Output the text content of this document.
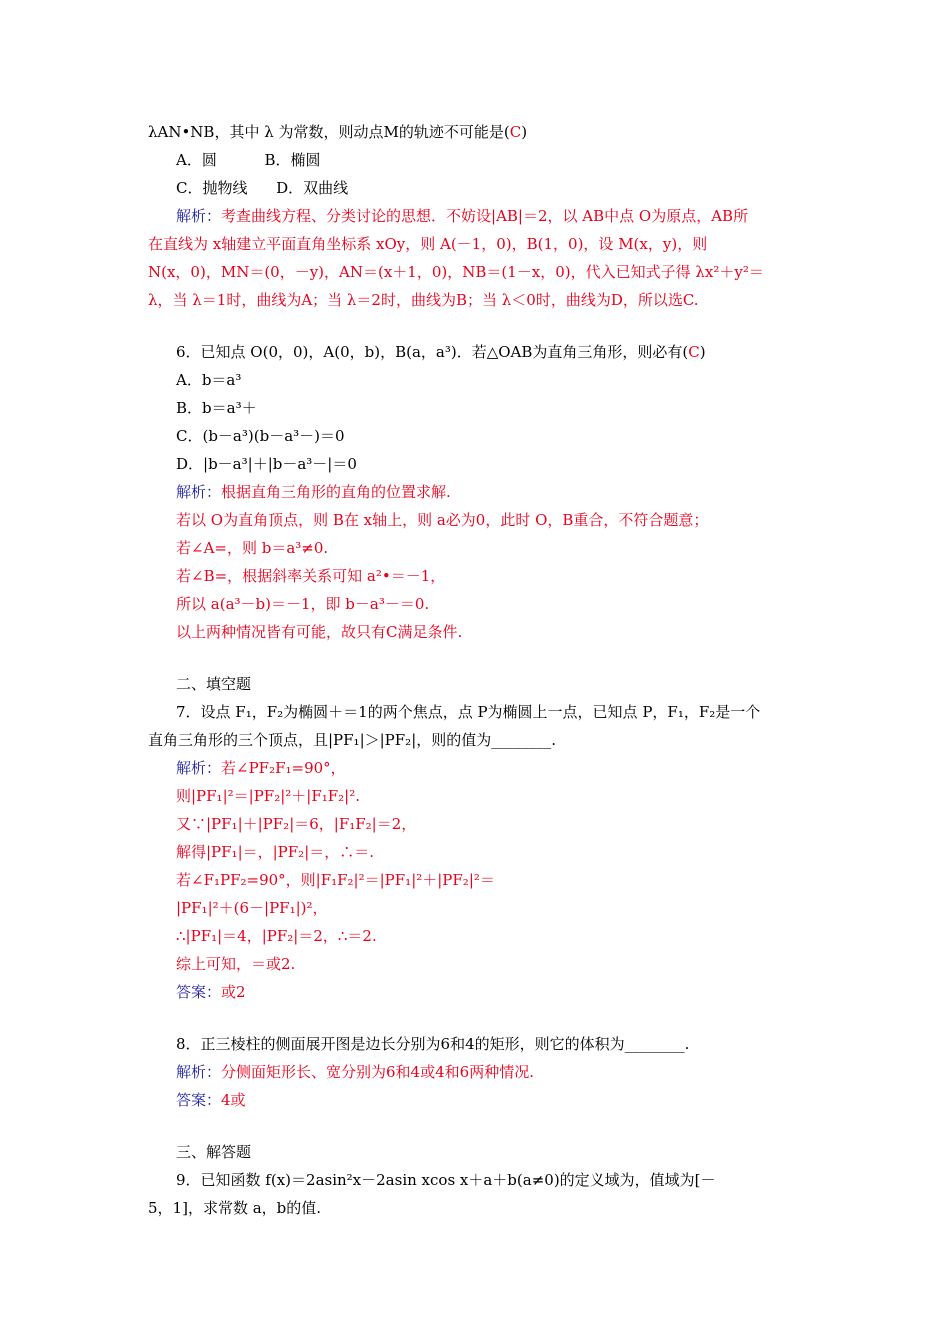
λAN•NB，其中 λ 为常数，则动点M的轨迹不可能是(C)
A．圆          B．椭圆
C．抛物线      D．双曲线
解析：考查曲线方程、分类讨论的思想．不妨设|AB|＝2，以 AB中点 O为原点，AB所
在直线为 x轴建立平面直角坐标系 xOy，则 A(－1，0)，B(1，0)，设 M(x，y)，则
N(x，0)，MN＝(0，－y)，AN＝(x＋1，0)，NB＝(1－x，0)，代入已知式子得 λx²＋y²＝
λ，当 λ＝1时，曲线为A；当 λ＝2时，曲线为B；当 λ＜0时，曲线为D，所以选C.
6．已知点 O(0，0)，A(0，b)，B(a，a³)．若△OAB为直角三角形，则必有(C)
A．b＝a³
B．b＝a³＋
C．(b－a³)(b－a³－)＝0
D．|b－a³|＋|b－a³－|＝0
解析：根据直角三角形的直角的位置求解.
若以 O为直角顶点，则 B在 x轴上，则 a必为0，此时 O，B重合，不符合题意；
若∠A=，则 b＝a³≠0.
若∠B=，根据斜率关系可知 a²•＝－1，
所以 a(a³－b)＝－1，即 b－a³－＝0.
以上两种情况皆有可能，故只有C满足条件.
二、填空题
7．设点 F₁，F₂为椭圆＋＝1的两个焦点，点 P为椭圆上一点，已知点 P，F₁，F₂是一个
直角三角形的三个顶点，且|PF₁|＞|PF₂|，则的值为________.
解析：若∠PF₂F₁=90°，
则|PF₁|²＝|PF₂|²＋|F₁F₂|².
又∵|PF₁|＋|PF₂|＝6，|F₁F₂|＝2，
解得|PF₁|＝，|PF₂|＝，∴＝.
若∠F₁PF₂=90°，则|F₁F₂|²＝|PF₁|²＋|PF₂|²＝
|PF₁|²＋(6－|PF₁|)²，
∴|PF₁|＝4，|PF₂|＝2，∴＝2.
综上可知，＝或2.
答案：或2
8．正三棱柱的侧面展开图是边长分别为6和4的矩形，则它的体积为________.
解析：分侧面矩形长、宽分别为6和4或4和6两种情况.
答案：4或
三、解答题
9．已知函数 f(x)＝2asin²x－2asin xcos x＋a＋b(a≠0)的定义域为，值域为[－
5，1]，求常数 a，b的值.
